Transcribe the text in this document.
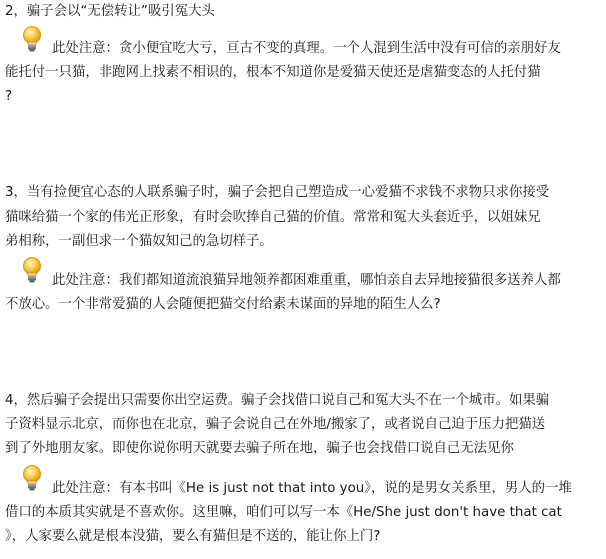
2，骗子会以“无偿转让”吸引冤大头
此处注意：贪小便宜吃大亏，亘古不变的真理。一个人混到生活中没有可信的亲朋好友
能托付一只猫，非跑网上找素不相识的，根本不知道你是爱猫天使还是虐猫变态的人托付猫
?
3，当有捡便宜心态的人联系骗子时，骗子会把自己塑造成一心爱猫不求钱不求物只求你接受
猫咪给猫一个家的伟光正形象，有时会吹捧自己猫的价值。常常和冤大头套近乎，以姐妹兄
弟相称，一副但求一个猫奴知己的急切样子。
此处注意：我们都知道流浪猫异地领养都困难重重，哪怕亲自去异地接猫很多送养人都
不放心。一个非常爱猫的人会随便把猫交付给素未谋面的异地的陌生人么?
4，然后骗子会提出只需要你出空运费。骗子会找借口说自己和冤大头不在一个城市。如果骗
子资料显示北京，而你也在北京，骗子会说自己在外地/搬家了，或者说自己迫于压力把猫送
到了外地朋友家。即使你说你明天就要去骗子所在地，骗子也会找借口说自己无法见你
此处注意：有本书叫《He is just not that into you》，说的是男女关系里，男人的一堆
借口的本质其实就是不喜欢你。这里嘛，咱们可以写一本《He/She just don't have that cat
》，人家要么就是根本没猫，要么有猫但是不送的，能让你上门?
